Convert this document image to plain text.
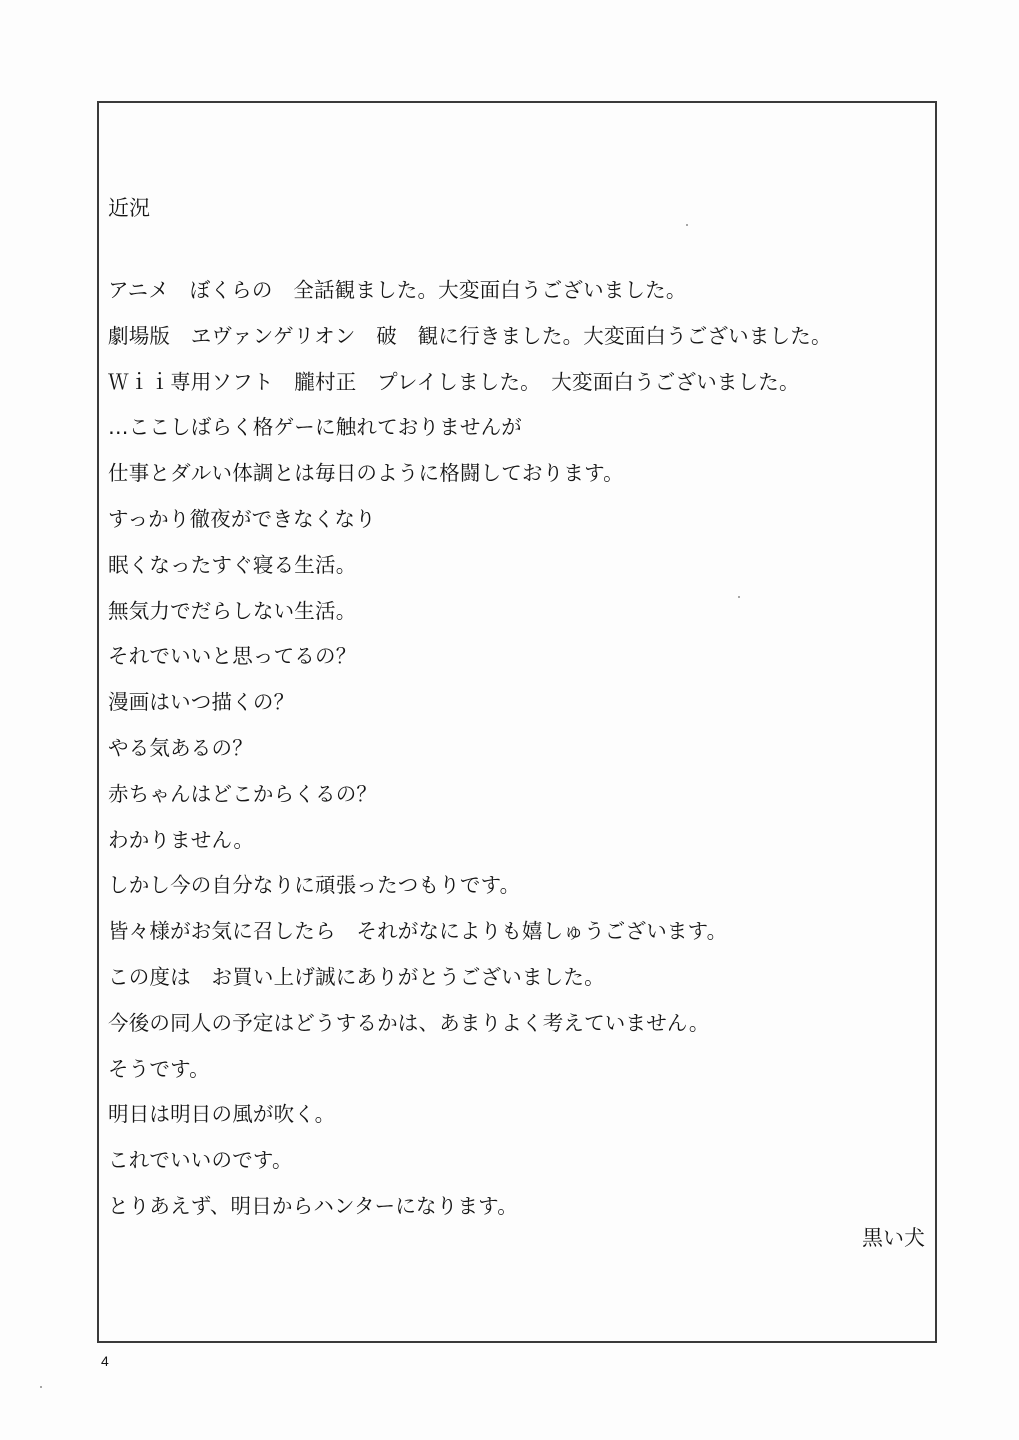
近況
アニメ　ぼくらの　全話観ました。大変面白うございました。
劇場版　ヱヴァンゲリオン　破　観に行きました。大変面白うございました。
Ｗｉｉ専用ソフト　朧村正　プレイしました。　大変面白うございました。
…ここしばらく格ゲーに触れておりませんが
仕事とダルい体調とは毎日のように格闘しております。
すっかり徹夜ができなくなり
眠くなったすぐ寝る生活。
無気力でだらしない生活。
それでいいと思ってるの？
漫画はいつ描くの？
やる気あるの？
赤ちゃんはどこからくるの？
わかりません。
しかし今の自分なりに頑張ったつもりです。
皆々様がお気に召したら　それがなによりも嬉しゅうございます。
この度は　お買い上げ誠にありがとうございました。
今後の同人の予定はどうするかは、あまりよく考えていません。
そうです。
明日は明日の風が吹く。
これでいいのです。
とりあえず、明日からハンターになります。
黒い犬
4
